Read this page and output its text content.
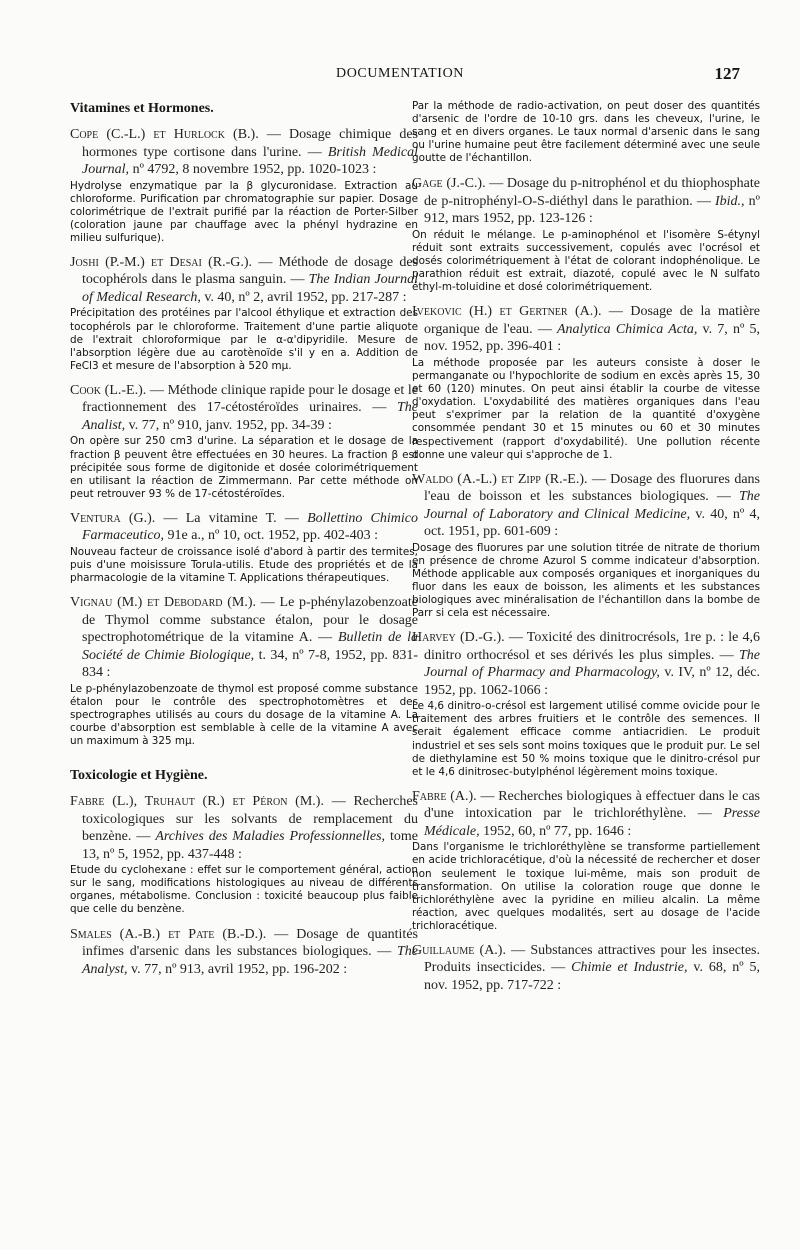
DOCUMENTATION	127
Vitamines et Hormones.
Cope (C.-L.) et Hurlock (B.). — Dosage chimique des hormones type cortisone dans l'urine. — British Medical Journal, nº 4792, 8 novembre 1952, pp. 1020-1023 :
Hydrolyse enzymatique par la β glycuronidase. Extraction au chloroforme. Purification par chromatographie sur papier. Dosage colorimétrique de l'extrait purifié par la réaction de Porter-Silber (coloration jaune par chauffage avec la phényl hydrazine en milieu sulfurique).
Joshi (P.-M.) et Desai (R.-G.). — Méthode de dosage des tocophérols dans le plasma sanguin. — The Indian Journal of Medical Research, v. 40, nº 2, avril 1952, pp. 217-287 :
Précipitation des protéines par l'alcool éthylique et extraction des tocophérols par le chloroforme. Traitement d'une partie aliquote de l'extrait chloroformique par le α-α'dipyridile. Mesure de l'absorption légère due au carotènoïde s'il y en a. Addition de FeCl3 et mesure de l'absorption à 520 mμ.
Cook (L.-E.). — Méthode clinique rapide pour le dosage et le fractionnement des 17-cétostéroïdes urinaires. — The Analist, v. 77, nº 910, janv. 1952, pp. 34-39 :
On opère sur 250 cm3 d'urine. La séparation et le dosage de la fraction β peuvent être effectuées en 30 heures. La fraction β est précipitée sous forme de digitonide et dosée colorimétriquement en utilisant la réaction de Zimmermann. Par cette méthode on peut retrouver 93 % de 17-cétostéroïdes.
Ventura (G.). — La vitamine T. — Bollettino Chimico Farmaceutico, 91e a., nº 10, oct. 1952, pp. 402-403 :
Nouveau facteur de croissance isolé d'abord à partir des termites, puis d'une moisissure Torula-utilis. Etude des propriétés et de la pharmacologie de la vitamine T. Applications thérapeutiques.
Vignau (M.) et Debodard (M.). — Le p-phénylazobenzoate de Thymol comme substance étalon, pour le dosage spectrophotométrique de la vitamine A. — Bulletin de la Société de Chimie Biologique, t. 34, nº 7-8, 1952, pp. 831-834 :
Le p-phénylazobenzoate de thymol est proposé comme substance étalon pour le contrôle des spectrophotomètres et des spectrographes utilisés au cours du dosage de la vitamine A. La courbe d'absorption est semblable à celle de la vitamine A avec un maximum à 325 mμ.
Toxicologie et Hygiène.
Fabre (L.), Truhaut (R.) et Péron (M.). — Recherches toxicologiques sur les solvants de remplacement du benzène. — Archives des Maladies Professionnelles, tome 13, nº 5, 1952, pp. 437-448 :
Etude du cyclohexane : effet sur le comportement général, action sur le sang, modifications histologiques au niveau de différents organes, métabolisme. Conclusion : toxicité beaucoup plus faible que celle du benzène.
Smales (A.-B.) et Pate (B.-D.). — Dosage de quantités infimes d'arsenic dans les substances biologiques. — The Analyst, v. 77, nº 913, avril 1952, pp. 196-202 :
Par la méthode de radio-activation, on peut doser des quantités d'arsenic de l'ordre de 10-10 grs. dans les cheveux, l'urine, le sang et en divers organes. Le taux normal d'arsenic dans le sang ou l'urine humaine peut être facilement déterminé avec une seule goutte de l'échantillon.
Gage (J.-C.). — Dosage du p-nitrophénol et du thiophosphate de p-nitrophényl-O-S-diéthyl dans le parathion. — Ibid., nº 912, mars 1952, pp. 123-126 :
On réduit le mélange. Le p-aminophénol et l'isomère S-étynyl réduit sont extraits successivement, copulés avec l'ocrésol et dosés colorimétriquement à l'état de colorant indophénolique. Le parathion réduit est extrait, diazoté, copulé avec le N sulfato éthyl-m-toluidine et dosé colorimétriquement.
Ivekovic (H.) et Gertner (A.). — Dosage de la matière organique de l'eau. — Analytica Chimica Acta, v. 7, nº 5, nov. 1952, pp. 396-401 :
La méthode proposée par les auteurs consiste à doser le permanganate ou l'hypochlorite de sodium en excès après 15, 30 et 60 (120) minutes. On peut ainsi établir la courbe de vitesse d'oxydation. L'oxydabilité des matières organiques dans l'eau peut s'exprimer par la relation de la quantité d'oxygène consommée pendant 30 et 15 minutes ou 60 et 30 minutes respectivement (rapport d'oxydabilité). Une pollution récente donne une valeur qui s'approche de 1.
Waldo (A.-L.) et Zipp (R.-E.). — Dosage des fluorures dans l'eau de boisson et les substances biologiques. — The Journal of Laboratory and Clinical Medicine, v. 40, nº 4, oct. 1951, pp. 601-609 :
Dosage des fluorures par une solution titrée de nitrate de thorium en présence de chrome Azurol S comme indicateur d'absorption. Méthode applicable aux composés organiques et inorganiques du fluor dans les eaux de boisson, les aliments et les substances biologiques avec minéralisation de l'échantillon dans la bombe de Parr si cela est nécessaire.
Harvey (D.-G.). — Toxicité des dinitrocrésols, 1re p. : le 4,6 dinitro orthocrésol et ses dérivés les plus simples. — The Journal of Pharmacy and Pharmacology, v. IV, nº 12, déc. 1952, pp. 1062-1066 :
Le 4,6 dinitro-o-crésol est largement utilisé comme ovicide pour le traitement des arbres fruitiers et le contrôle des semences. Il serait également efficace comme antiacridien. Le produit industriel et ses sels sont moins toxiques que le produit pur. Le sel de diethylamine est 50 % moins toxique que le dinitro-crésol pur et le 4,6 dinitrosec-butylphénol légèrement moins toxique.
Fabre (A.). — Recherches biologiques à effectuer dans le cas d'une intoxication par le trichloréthylène. — Presse Médicale, 1952, 60, nº 77, pp. 1646 :
Dans l'organisme le trichloréthylène se transforme partiellement en acide trichloracétique, d'où la nécessité de rechercher et doser non seulement le toxique lui-même, mais son produit de transformation. On utilise la coloration rouge que donne le trichloréthylène avec la pyridine en milieu alcalin. La même réaction, avec quelques modalités, sert au dosage de l'acide trichloracétique.
Guillaume (A.). — Substances attractives pour les insectes. Produits insecticides. — Chimie et Industrie, v. 68, nº 5, nov. 1952, pp. 717-722 :
